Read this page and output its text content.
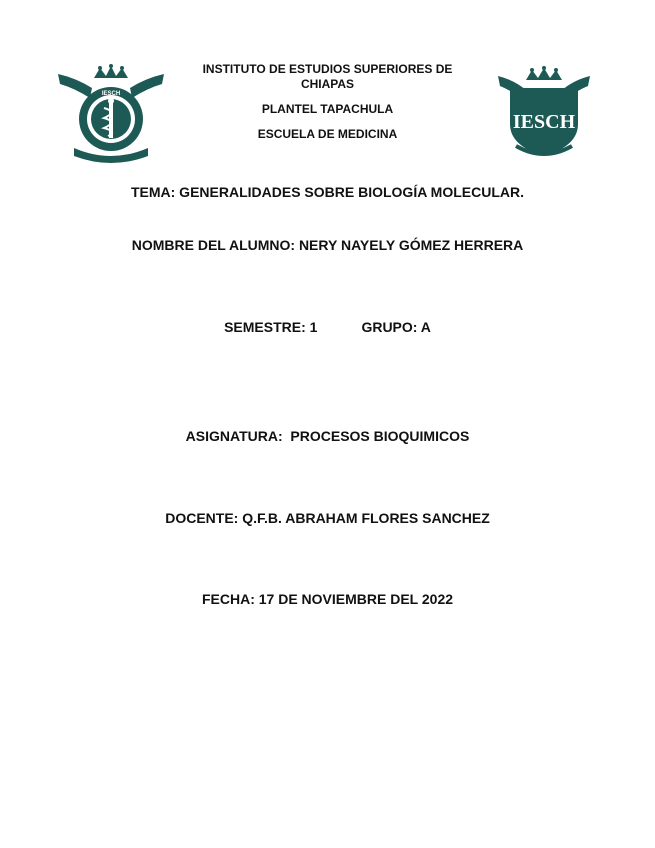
IESCH
INSTITUTO DE ESTUDIOS SUPERIORES DE CHIAPAS
PLANTEL TAPACHULA
ESCUELA DE MEDICINA
IESCH
TEMA: GENERALIDADES SOBRE BIOLOGÍA MOLECULAR.
NOMBRE DEL ALUMNO: NERY NAYELY GÓMEZ HERRERA
SEMESTRE: 1	GRUPO: A
ASIGNATURA:  PROCESOS BIOQUIMICOS
DOCENTE: Q.F.B. ABRAHAM FLORES SANCHEZ
FECHA: 17 DE NOVIEMBRE DEL 2022
